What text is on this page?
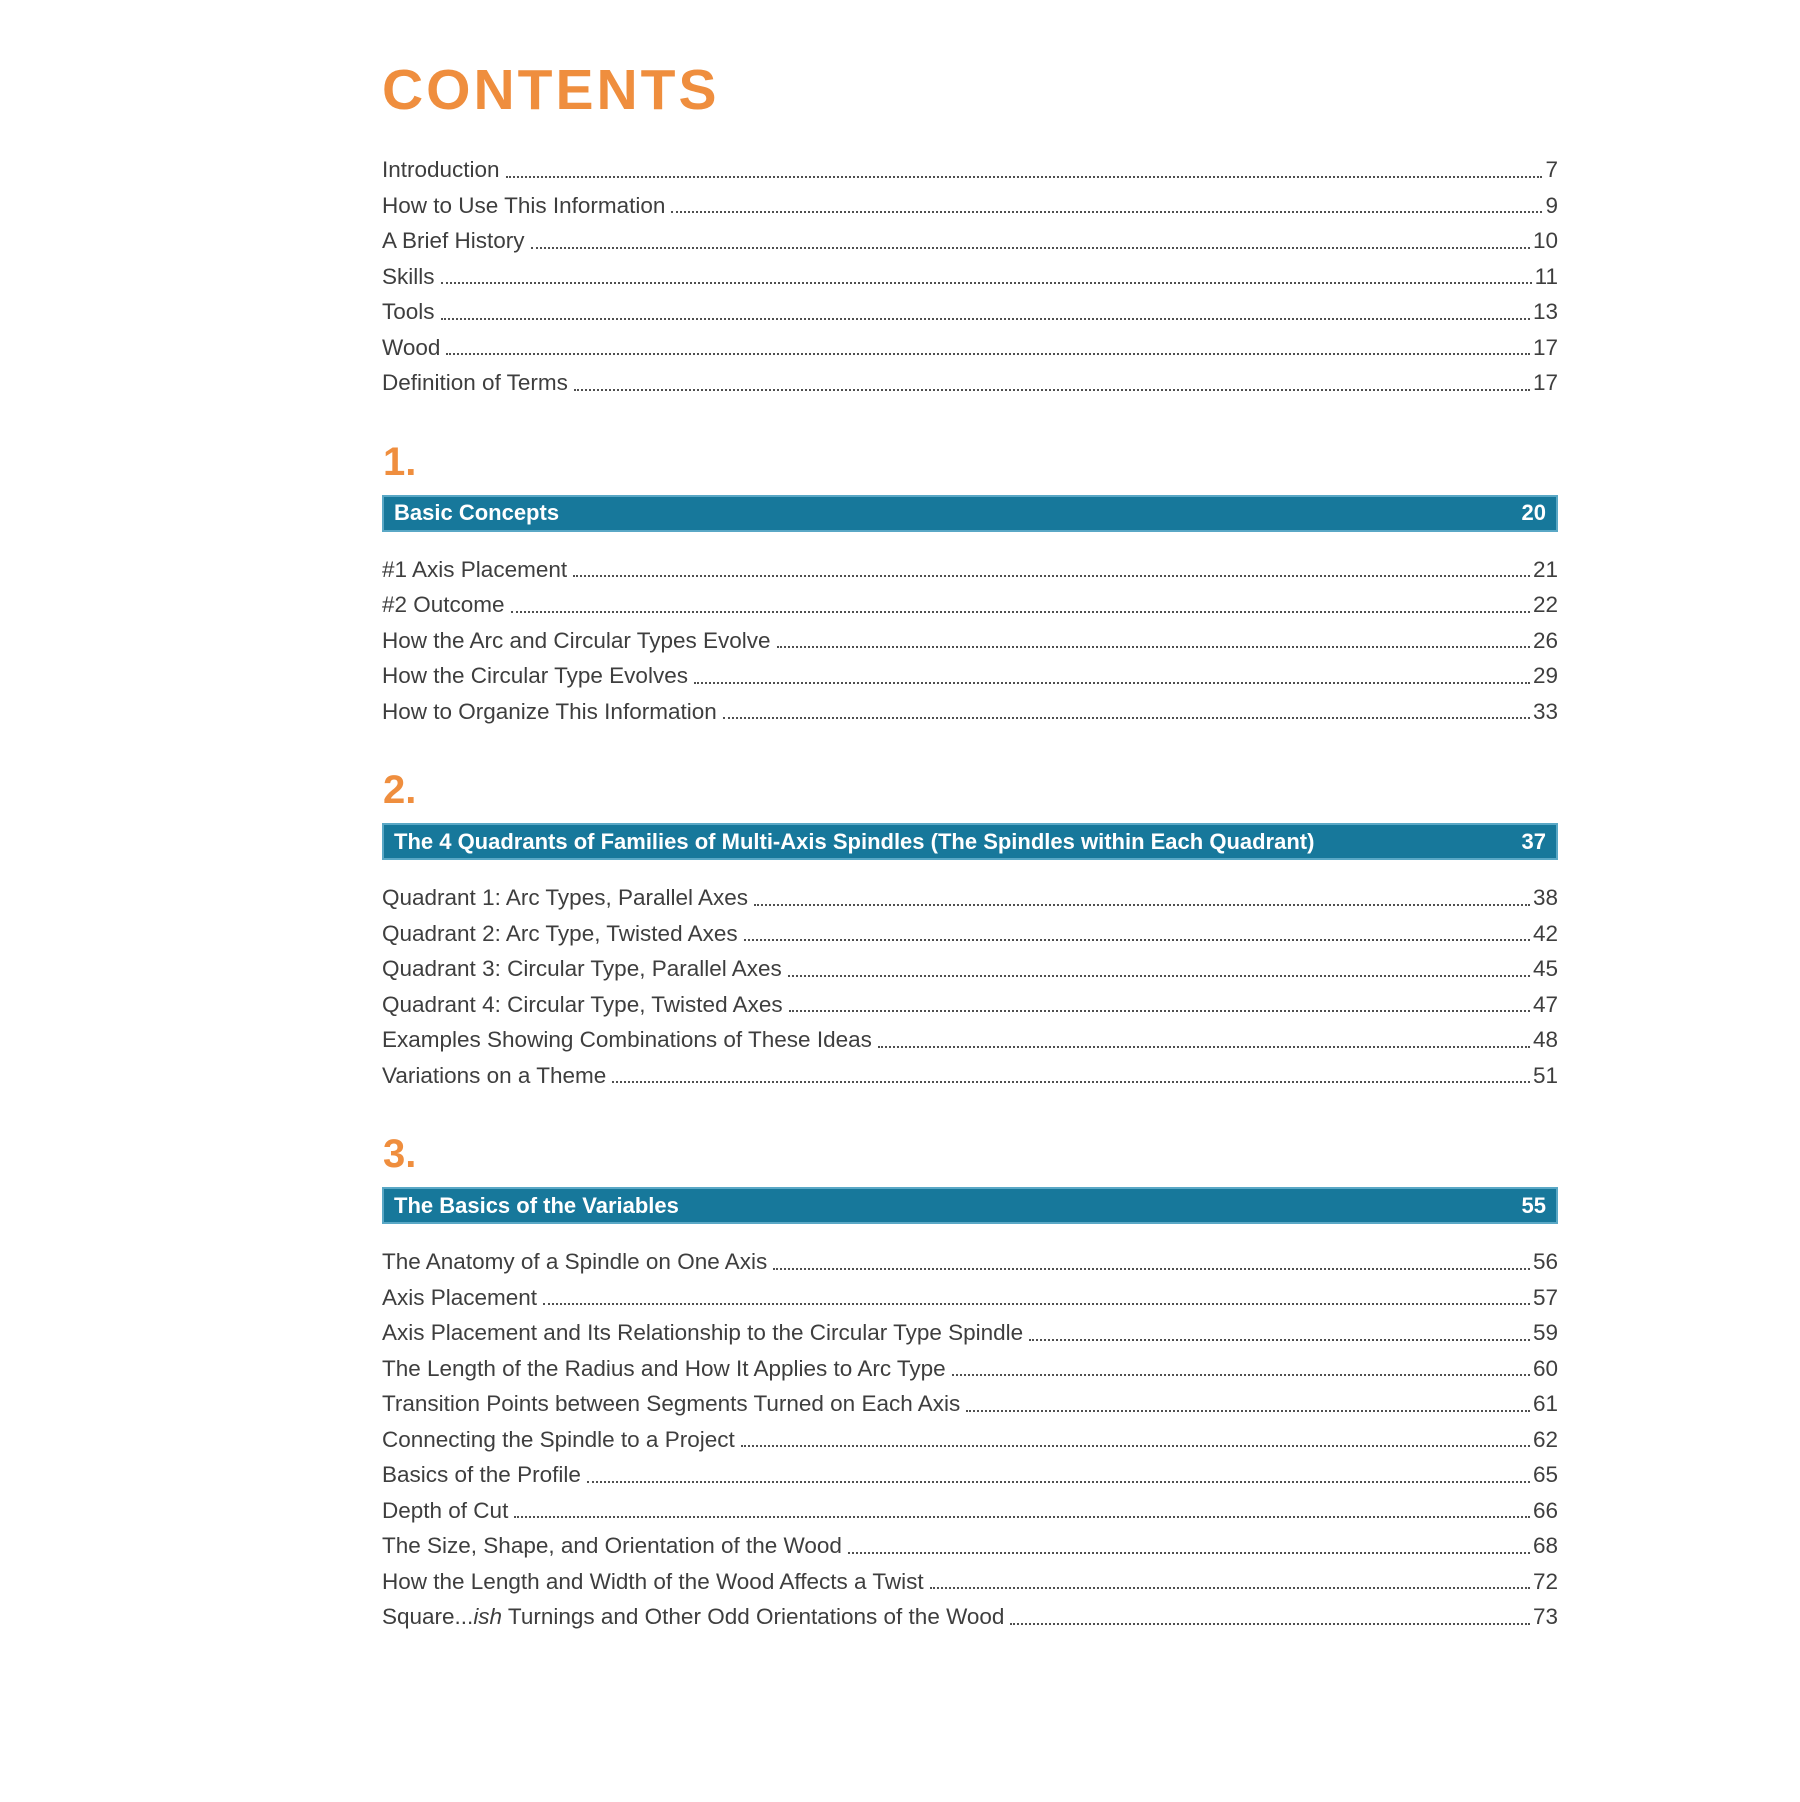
CONTENTS
Introduction	7
How to Use This Information	9
A Brief History	10
Skills	11
Tools	13
Wood	17
Definition of Terms	17
1.
Basic Concepts	20
#1 Axis Placement	21
#2 Outcome	22
How the Arc and Circular Types Evolve	26
How the Circular Type Evolves	29
How to Organize This Information	33
2.
The 4 Quadrants of Families of Multi-Axis Spindles (The Spindles within Each Quadrant)	37
Quadrant 1: Arc Types, Parallel Axes	38
Quadrant 2: Arc Type, Twisted Axes	42
Quadrant 3: Circular Type, Parallel Axes	45
Quadrant 4: Circular Type, Twisted Axes	47
Examples Showing Combinations of These Ideas	48
Variations on a Theme	51
3.
The Basics of the Variables	55
The Anatomy of a Spindle on One Axis	56
Axis Placement	57
Axis Placement and Its Relationship to the Circular Type Spindle	59
The Length of the Radius and How It Applies to Arc Type	60
Transition Points between Segments Turned on Each Axis	61
Connecting the Spindle to a Project	62
Basics of the Profile	65
Depth of Cut	66
The Size, Shape, and Orientation of the Wood	68
How the Length and Width of the Wood Affects a Twist	72
Square...ish Turnings and Other Odd Orientations of the Wood	73
